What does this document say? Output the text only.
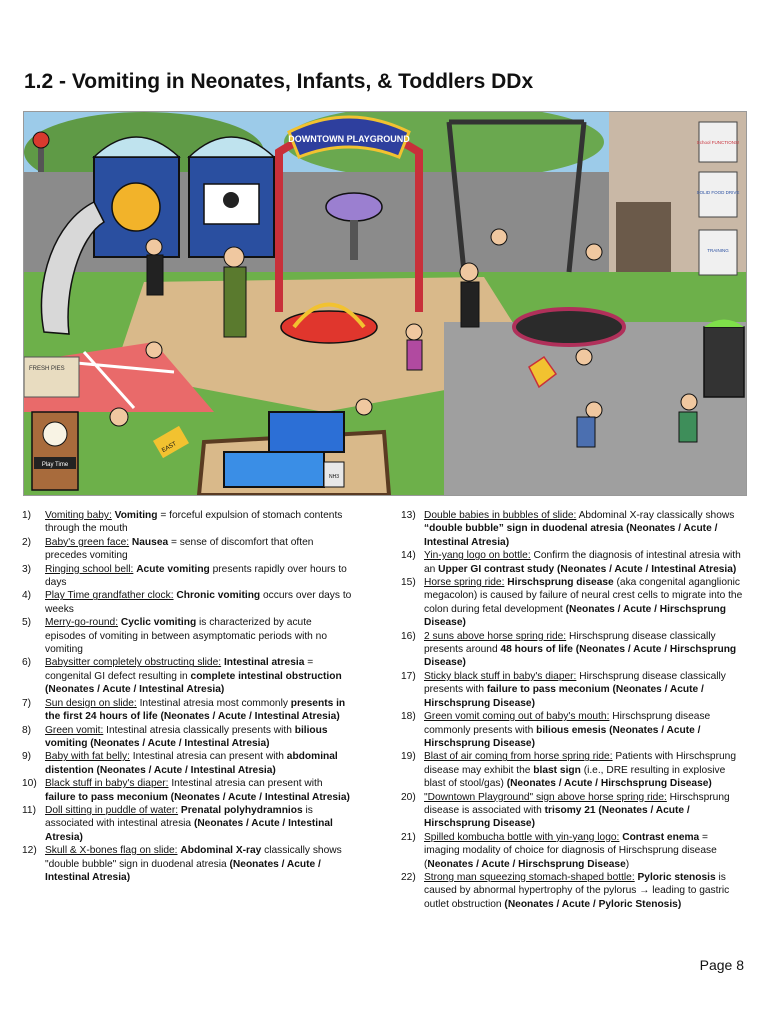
1.2 - Vomiting in Neonates, Infants, & Toddlers DDx
DOWNTOWN PLAYGROUND
FRESH PIES
Play Time
EAST
NH3
School FUNCTIONS!
SOLID FOOD DRIVE
TRAINING
1)	Vomiting baby: Vomiting = forceful expulsion of stomach contents through the mouth
2)	Baby's green face: Nausea = sense of discomfort that often precedes vomiting
3)	Ringing school bell: Acute vomiting presents rapidly over hours to days
4)	Play Time grandfather clock: Chronic vomiting occurs over days to weeks
5)	Merry-go-round: Cyclic vomiting is characterized by acute episodes of vomiting in between asymptomatic periods with no vomiting
6)	Babysitter completely obstructing slide: Intestinal atresia = congenital GI defect resulting in complete intestinal obstruction (Neonates / Acute / Intestinal Atresia)
7)	Sun design on slide: Intestinal atresia most commonly presents in the first 24 hours of life (Neonates / Acute / Intestinal Atresia)
8)	Green vomit: Intestinal atresia classically presents with bilious vomiting (Neonates / Acute / Intestinal Atresia)
9)	Baby with fat belly: Intestinal atresia can present with abdominal distention (Neonates / Acute / Intestinal Atresia)
10) Black stuff in baby's diaper: Intestinal atresia can present with failure to pass meconium (Neonates / Acute / Intestinal Atresia)
11) Doll sitting in puddle of water: Prenatal polyhydramnios is associated with intestinal atresia (Neonates / Acute / Intestinal Atresia)
12) Skull & X-bones flag on slide: Abdominal X-ray classically shows "double bubble" sign in duodenal atresia (Neonates / Acute / Intestinal Atresia)
13) Double babies in bubbles of slide: Abdominal X-ray classically shows “double bubble” sign in duodenal atresia (Neonates / Acute / Intestinal Atresia)
14) Yin-yang logo on bottle: Confirm the diagnosis of intestinal atresia with an Upper GI contrast study (Neonates / Acute / Intestinal Atresia)
15) Horse spring ride: Hirschsprung disease (aka congenital aganglionic megacolon) is caused by failure of neural crest cells to migrate into the colon during fetal development (Neonates / Acute / Hirschsprung Disease)
16) 2 suns above horse spring ride: Hirschsprung disease classically presents around 48 hours of life (Neonates / Acute / Hirschsprung Disease)
17) Sticky black stuff in baby's diaper: Hirschsprung disease classically presents with failure to pass meconium (Neonates / Acute / Hirschsprung Disease)
18) Green vomit coming out of baby's mouth: Hirschsprung disease commonly presents with bilious emesis (Neonates / Acute / Hirschsprung Disease)
19) Blast of air coming from horse spring ride: Patients with Hirschsprung disease may exhibit the blast sign (i.e., DRE resulting in explosive blast of stool/gas) (Neonates / Acute / Hirschsprung Disease)
20) "Downtown Playground" sign above horse spring ride: Hirschsprung disease is associated with trisomy 21 (Neonates / Acute / Hirschsprung Disease)
21) Spilled kombucha bottle with yin-yang logo: Contrast enema = imaging modality of choice for diagnosis of Hirschsprung disease (Neonates / Acute / Hirschsprung Disease)
22) Strong man squeezing stomach-shaped bottle: Pyloric stenosis is caused by abnormal hypertrophy of the pylorus → leading to gastric outlet obstruction (Neonates / Acute / Pyloric Stenosis)
Page 8
